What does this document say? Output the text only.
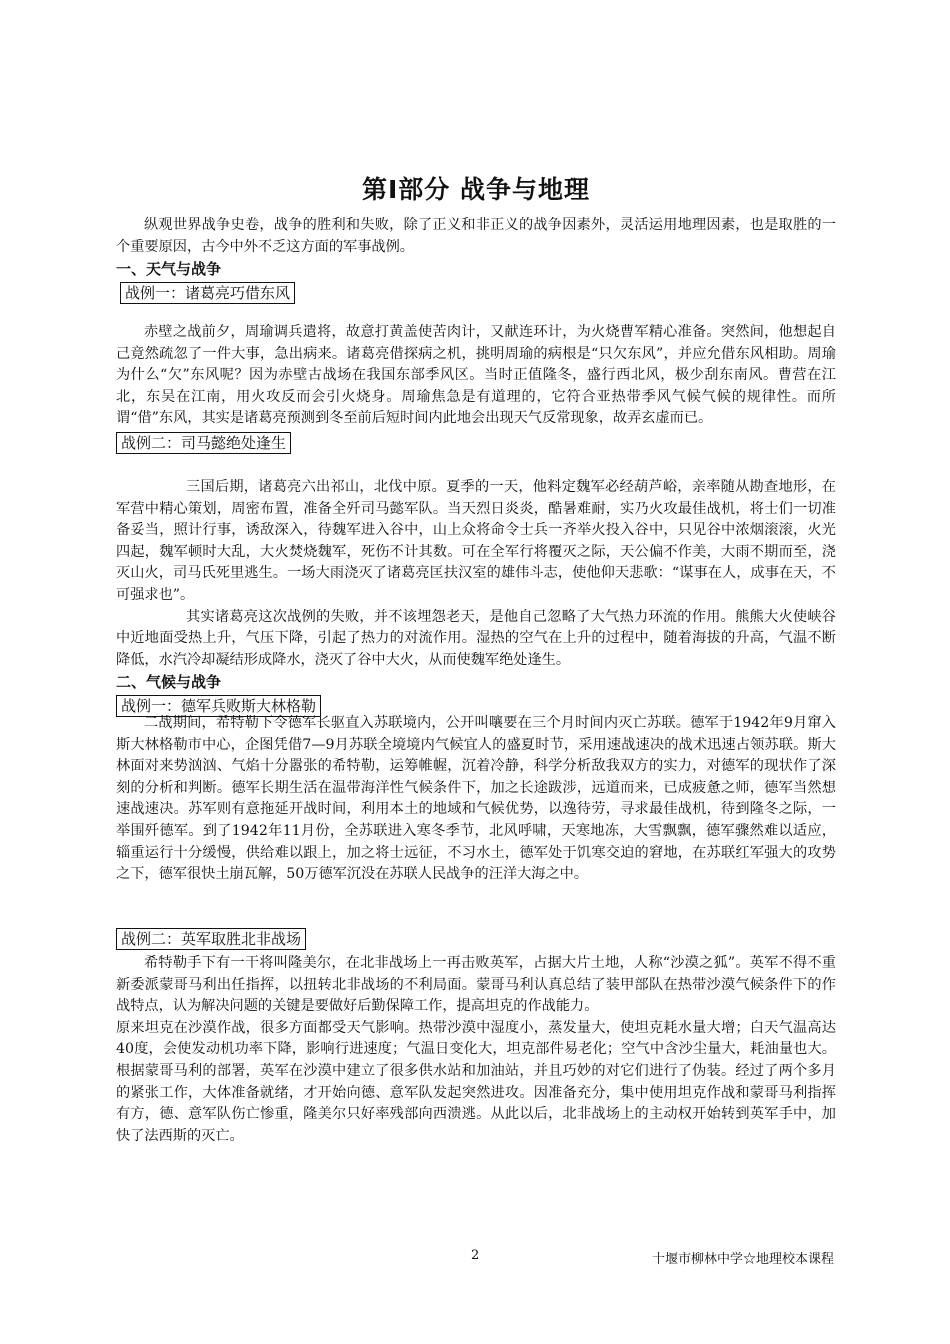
第Ⅰ部分 战争与地理

纵观世界战争史卷，战争的胜利和失败，除了正义和非正义的战争因素外，灵活运用地理因素，也是取胜的一个重要原因，古今中外不乏这方面的军事战例。

一、天气与战争

战例一：诸葛亮巧借东风

赤壁之战前夕，周瑜调兵遣将，故意打黄盖使苦肉计，又献连环计，为火烧曹军精心准备。突然间，他想起自己竟然疏忽了一件大事，急出病来。诸葛亮借探病之机，挑明周瑜的病根是“只欠东风”，并应允借东风相助。周瑜为什么“欠”东风呢？因为赤壁古战场在我国东部季风区。当时正值隆冬，盛行西北风，极少刮东南风。曹营在江北，东吴在江南，用火攻反而会引火烧身。周瑜焦急是有道理的，它符合亚热带季风气候气候的规律性。而所谓“借”东风，其实是诸葛亮预测到冬至前后短时间内此地会出现天气反常现象，故弄玄虚而已。

战例二：司马懿绝处逢生

三国后期，诸葛亮六出祁山，北伐中原。夏季的一天，他料定魏军必经葫芦峪，亲率随从勘查地形，在军营中精心策划，周密布置，准备全歼司马懿军队。当天烈日炎炎，酷暑难耐，实乃火攻最佳战机，将士们一切准备妥当，照计行事，诱敌深入，待魏军进入谷中，山上众将命令士兵一齐举火投入谷中，只见谷中浓烟滚滚，火光四起，魏军顿时大乱，大火焚烧魏军，死伤不计其数。可在全军行将覆灭之际，天公偏不作美，大雨不期而至，浇灭山火，司马氏死里逃生。一场大雨浇灭了诸葛亮匡扶汉室的雄伟斗志，使他仰天悲歌：“谋事在人，成事在天，不可强求也”。

其实诸葛亮这次战例的失败，并不该埋怨老天，是他自己忽略了大气热力环流的作用。熊熊大火使峡谷中近地面受热上升，气压下降，引起了热力的对流作用。湿热的空气在上升的过程中，随着海拔的升高，气温不断降低，水汽冷却凝结形成降水，浇灭了谷中大火，从而使魏军绝处逢生。

二、气候与战争

战例一：德军兵败斯大林格勒

二战期间，希特勒下令德军长驱直入苏联境内，公开叫嚷要在三个月时间内灭亡苏联。德军于1942年9月窜入斯大林格勒市中心，企图凭借7—9月苏联全境境内气候宜人的盛夏时节，采用速战速决的战术迅速占领苏联。斯大林面对来势汹汹、气焰十分嚣张的希特勒，运筹帷幄，沉着冷静，科学分析敌我双方的实力，对德军的现状作了深刻的分析和判断。德军长期生活在温带海洋性气候条件下，加之长途跋涉，远道而来，已成疲惫之师，德军当然想速战速决。苏军则有意拖延开战时间，利用本土的地域和气候优势，以逸待劳，寻求最佳战机，待到隆冬之际，一举围歼德军。到了1942年11月份，全苏联进入寒冬季节，北风呼啸，天寒地冻，大雪飘飘，德军骤然难以适应，辎重运行十分缓慢，供给难以跟上，加之将士远征，不习水土，德军处于饥寒交迫的窘地，在苏联红军强大的攻势之下，德军很快土崩瓦解，50万德军沉没在苏联人民战争的汪洋大海之中。

战例二：英军取胜北非战场

希特勒手下有一干将叫隆美尔，在北非战场上一再击败英军，占据大片土地，人称“沙漠之狐”。英军不得不重新委派蒙哥马利出任指挥，以扭转北非战场的不利局面。蒙哥马利认真总结了装甲部队在热带沙漠气候条件下的作战特点，认为解决问题的关键是要做好后勤保障工作，提高坦克的作战能力。

原来坦克在沙漠作战，很多方面都受天气影响。热带沙漠中湿度小，蒸发量大，使坦克耗水量大增；白天气温高达40度，会使发动机功率下降，影响行进速度；气温日变化大，坦克部件易老化；空气中含沙尘量大，耗油量也大。根据蒙哥马利的部署，英军在沙漠中建立了很多供水站和加油站，并且巧妙的对它们进行了伪装。经过了两个多月的紧张工作，大体准备就绪，才开始向德、意军队发起突然进攻。因准备充分，集中使用坦克作战和蒙哥马利指挥有方，德、意军队伤亡惨重，隆美尔只好率残部向西溃逃。从此以后，北非战场上的主动权开始转到英军手中，加快了法西斯的灭亡。

2	十堰市柳林中学☆地理校本课程
